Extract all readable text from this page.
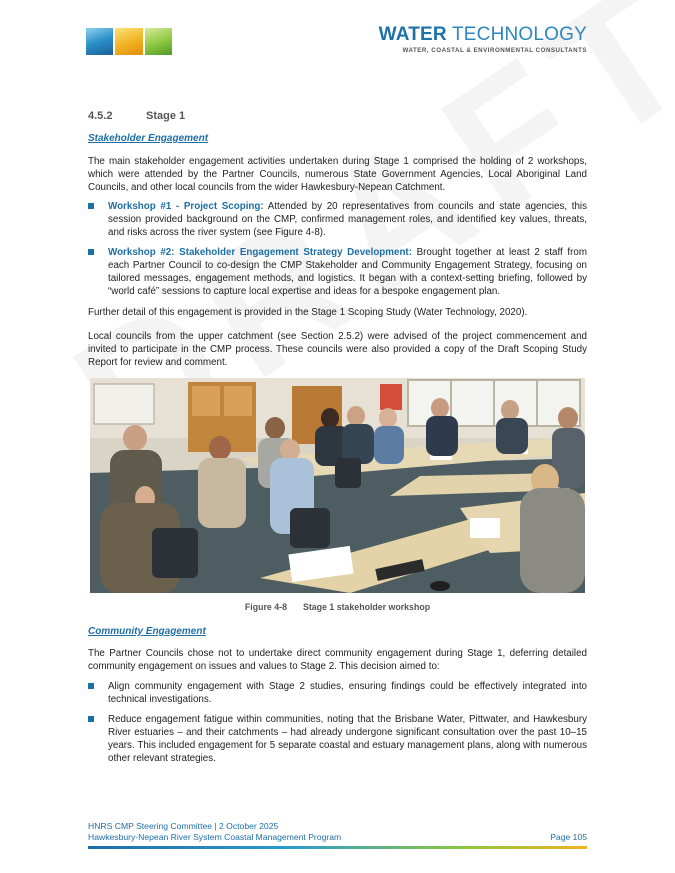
WATER TECHNOLOGY
WATER, COASTAL & ENVIRONMENTAL CONSULTANTS
4.5.2	Stage 1
Stakeholder Engagement

The main stakeholder engagement activities undertaken during Stage 1 comprised the holding of 2 workshops, which were attended by the Partner Councils, numerous State Government Agencies, Local Aboriginal Land Councils, and other local councils from the wider Hawkesbury-Nepean Catchment.

Workshop #1 - Project Scoping: Attended by 20 representatives from councils and state agencies, this session provided background on the CMP, confirmed management roles, and identified key values, threats, and risks across the river system (see Figure 4-8).
Workshop #2: Stakeholder Engagement Strategy Development: Brought together at least 2 staff from each Partner Council to co-design the CMP Stakeholder and Community Engagement Strategy, focusing on tailored messages, engagement methods, and logistics. It began with a context-setting briefing, followed by “world café” sessions to capture local expertise and ideas for a bespoke engagement plan.

Further detail of this engagement is provided in the Stage 1 Scoping Study (Water Technology, 2020).

Local councils from the upper catchment (see Section 2.5.2) were advised of the project commencement and invited to participate in the CMP process. These councils were also provided a copy of the Draft Scoping Study Report for review and comment.

Figure 4-8 Stage 1 stakeholder workshop
Community Engagement

The Partner Councils chose not to undertake direct community engagement during Stage 1, deferring detailed community engagement on issues and values to Stage 2. This decision aimed to:

Align community engagement with Stage 2 studies, ensuring findings could be effectively integrated into technical investigations.
Reduce engagement fatigue within communities, noting that the Brisbane Water, Pittwater, and Hawkesbury River estuaries – and their catchments – had already undergone significant consultation over the past 10–15 years. This included engagement for 5 separate coastal and estuary management plans, along with numerous other relevant strategies.
HNRS CMP Steering Committee | 2 October 2025
Hawkesbury-Nepean River System Coastal Management Program	Page 105
